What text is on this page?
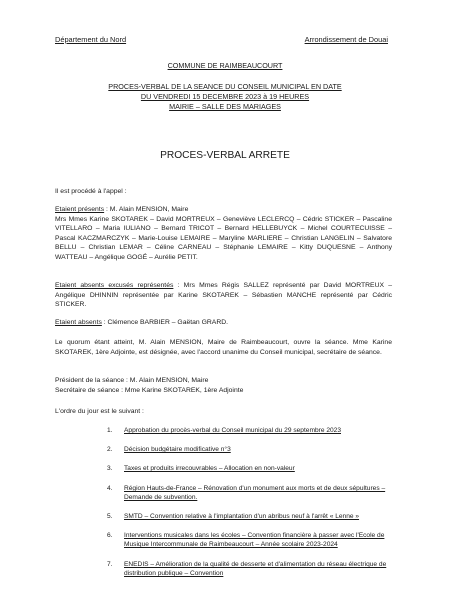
Département du Nord	Arrondissement de Douai
COMMUNE DE RAIMBEAUCOURT
PROCES-VERBAL DE LA SEANCE DU CONSEIL MUNICIPAL EN DATE
DU VENDREDI 15 DECEMBRE 2023 à 19 HEURES
MAIRIE – SALLE DES MARIAGES
PROCES-VERBAL ARRETE
Il est procédé à l'appel :
Etaient présents : M. Alain MENSION, Maire
Mrs Mmes Karine SKOTAREK – David MORTREUX – Geneviève LECLERCQ – Cédric STICKER – Pascaline VITELLARO – Maria IULIANO – Bernard TRICOT – Bernard HELLEBUYCK – Michel COURTECUISSE – Pascal KACZMARCZYK – Marie-Louise LEMAIRE – Maryline MARLIERE – Christian LANGELIN – Salvatore BELLU – Christian LEMAR – Céline CARNEAU – Stéphanie LEMAIRE – Kitty DUQUESNE – Anthony WATTEAU – Angélique GOGÉ – Aurélie PETIT.
Etaient absents excusés représentés : Mrs Mmes Régis SALLEZ représenté par David MORTREUX – Angélique DHINNIN représentée par Karine SKOTAREK – Sébastien MANCHE représenté par Cédric STICKER.
Etaient absents : Clémence BARBIER – Gaëtan GRARD.
Le quorum étant atteint, M. Alain MENSION, Maire de Raimbeaucourt, ouvre la séance. Mme Karine SKOTAREK, 1ère Adjointe, est désignée, avec l'accord unanime du Conseil municipal, secrétaire de séance.
Président de la séance : M. Alain MENSION, Maire
Secrétaire de séance : Mme Karine SKOTAREK, 1ère Adjointe
L'ordre du jour est le suivant :
1. Approbation du procès-verbal du Conseil municipal du 29 septembre 2023
2. Décision budgétaire modificative n°3
3. Taxes et produits irrecouvrables – Allocation en non-valeur
4. Région Hauts-de-France – Rénovation d'un monument aux morts et de deux sépultures – Demande de subvention.
5. SMTD – Convention relative à l'implantation d'un abribus neuf à l'arrêt « Lenne »
6. Interventions musicales dans les écoles – Convention financière à passer avec l'Ecole de Musique Intercommunale de Raimbeaucourt – Année scolaire 2023-2024
7. ENEDIS – Amélioration de la qualité de desserte et d'alimentation du réseau électrique de distribution publique – Convention
